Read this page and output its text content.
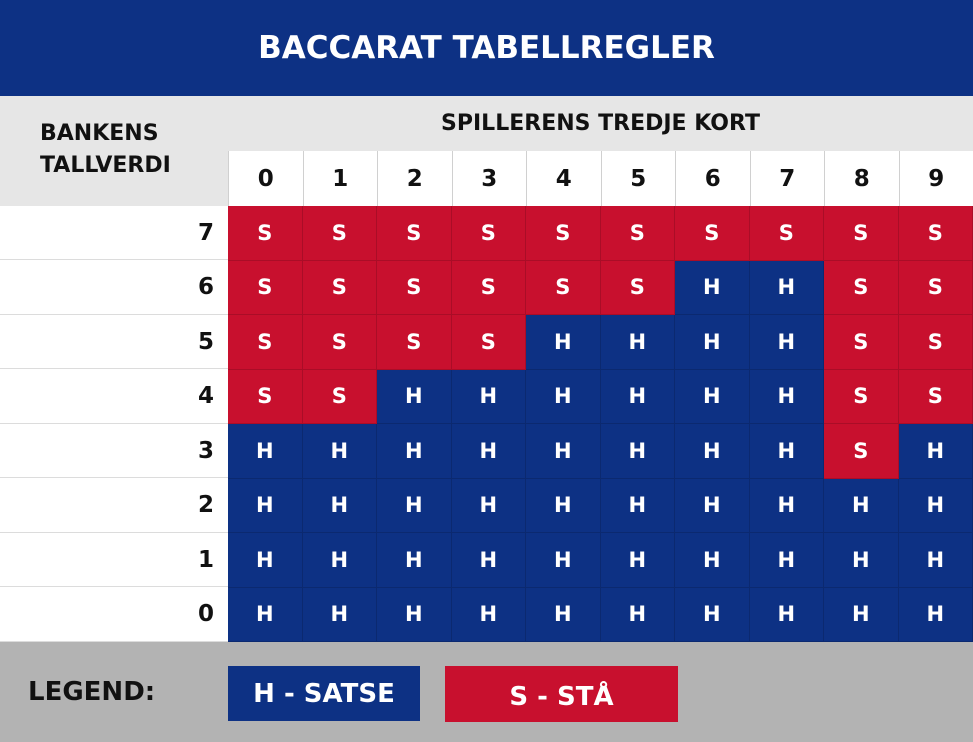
BACCARAT TABELLREGLER
BANKENS
TALLVERDI
SPILLERENS TREDJE KORT
0	1	2	3	4	5	6	7	8	9
7	S	S	S	S	S	S	S	S	S	S
6	S	S	S	S	S	S	H	H	S	S
5	S	S	S	S	H	H	H	H	S	S
4	S	S	H	H	H	H	H	H	S	S
3	H	H	H	H	H	H	H	H	S	H
2	H	H	H	H	H	H	H	H	H	H
1	H	H	H	H	H	H	H	H	H	H
0	H	H	H	H	H	H	H	H	H	H
LEGEND:	H - SATSE	S - STÅ
